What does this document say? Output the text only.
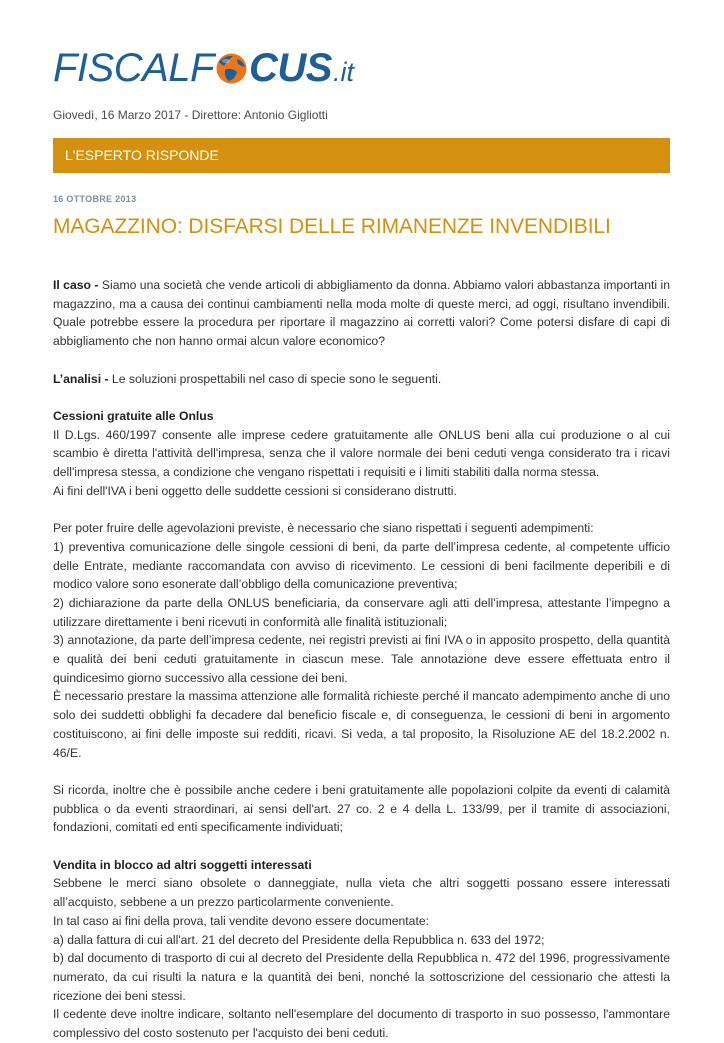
FISCALF CUS .it
Giovedì, 16 Marzo 2017 - Direttore: Antonio Gigliotti
L'ESPERTO RISPONDE
16 OTTOBRE 2013
MAGAZZINO: DISFARSI DELLE RIMANENZE INVENDIBILI

Il caso - Siamo una società che vende articoli di abbigliamento da donna. Abbiamo valori abbastanza importanti in magazzino, ma a causa dei continui cambiamenti nella moda molte di queste merci, ad oggi, risultano invendibili. Quale potrebbe essere la procedura per riportare il magazzino ai corretti valori? Come potersi disfare di capi di abbigliamento che non hanno ormai alcun valore economico?

L’analisi - Le soluzioni prospettabili nel caso di specie sono le seguenti.

Cessioni gratuite alle Onlus

Il D.Lgs. 460/1997 consente alle imprese cedere gratuitamente alle ONLUS beni alla cui produzione o al cui scambio è diretta l'attività dell'impresa, senza che il valore normale dei beni ceduti venga considerato tra i ricavi dell'impresa stessa, a condizione che vengano rispettati i requisiti e i limiti stabiliti dalla norma stessa.

Ai fini dell'IVA i beni oggetto delle suddette cessioni si considerano distrutti.

Per poter fruire delle agevolazioni previste, è necessario che siano rispettati i seguenti adempimenti:

1) preventiva comunicazione delle singole cessioni di beni, da parte dell’impresa cedente, al competente ufficio delle Entrate, mediante raccomandata con avviso di ricevimento. Le cessioni di beni facilmente deperibili e di modico valore sono esonerate dall’obbligo della comunicazione preventiva;

2) dichiarazione da parte della ONLUS beneficiaria, da conservare agli atti dell’impresa, attestante l’impegno a utilizzare direttamente i beni ricevuti in conformità alle finalità istituzionali;

3) annotazione, da parte dell’impresa cedente, nei registri previsti ai fini IVA o in apposito prospetto, della quantità e qualità dei beni ceduti gratuitamente in ciascun mese. Tale annotazione deve essere effettuata entro il quindicesimo giorno successivo alla cessione dei beni.

È necessario prestare la massima attenzione alle formalità richieste perché il mancato adempimento anche di uno solo dei suddetti obblighi fa decadere dal beneficio fiscale e, di conseguenza, le cessioni di beni in argomento costituiscono, ai fini delle imposte sui redditi, ricavi. Si veda, a tal proposito, la Risoluzione AE del 18.2.2002 n. 46/E.

Si ricorda, inoltre che è possibile anche cedere i beni gratuitamente alle popolazioni colpite da eventi di calamità pubblica o da eventi straordinari, ai sensi dell'art. 27 co. 2 e 4 della L. 133/99, per il tramite di associazioni, fondazioni, comitati ed enti specificamente individuati;

Vendita in blocco ad altri soggetti interessati

Sebbene le merci siano obsolete o danneggiate, nulla vieta che altri soggetti possano essere interessati all’acquisto, sebbene a un prezzo particolarmente conveniente.

In tal caso ai fini della prova, tali vendite devono essere documentate:

a) dalla fattura di cui all'art. 21 del decreto del Presidente della Repubblica n. 633 del 1972;

b) dal documento di trasporto di cui al decreto del Presidente della Repubblica n. 472 del 1996, progressivamente numerato, da cui risulti la natura e la quantità dei beni, nonché la sottoscrizione del cessionario che attesti la ricezione dei beni stessi.

Il cedente deve inoltre indicare, soltanto nell'esemplare del documento di trasporto in suo possesso, l'ammontare complessivo del costo sostenuto per l'acquisto dei beni ceduti.
